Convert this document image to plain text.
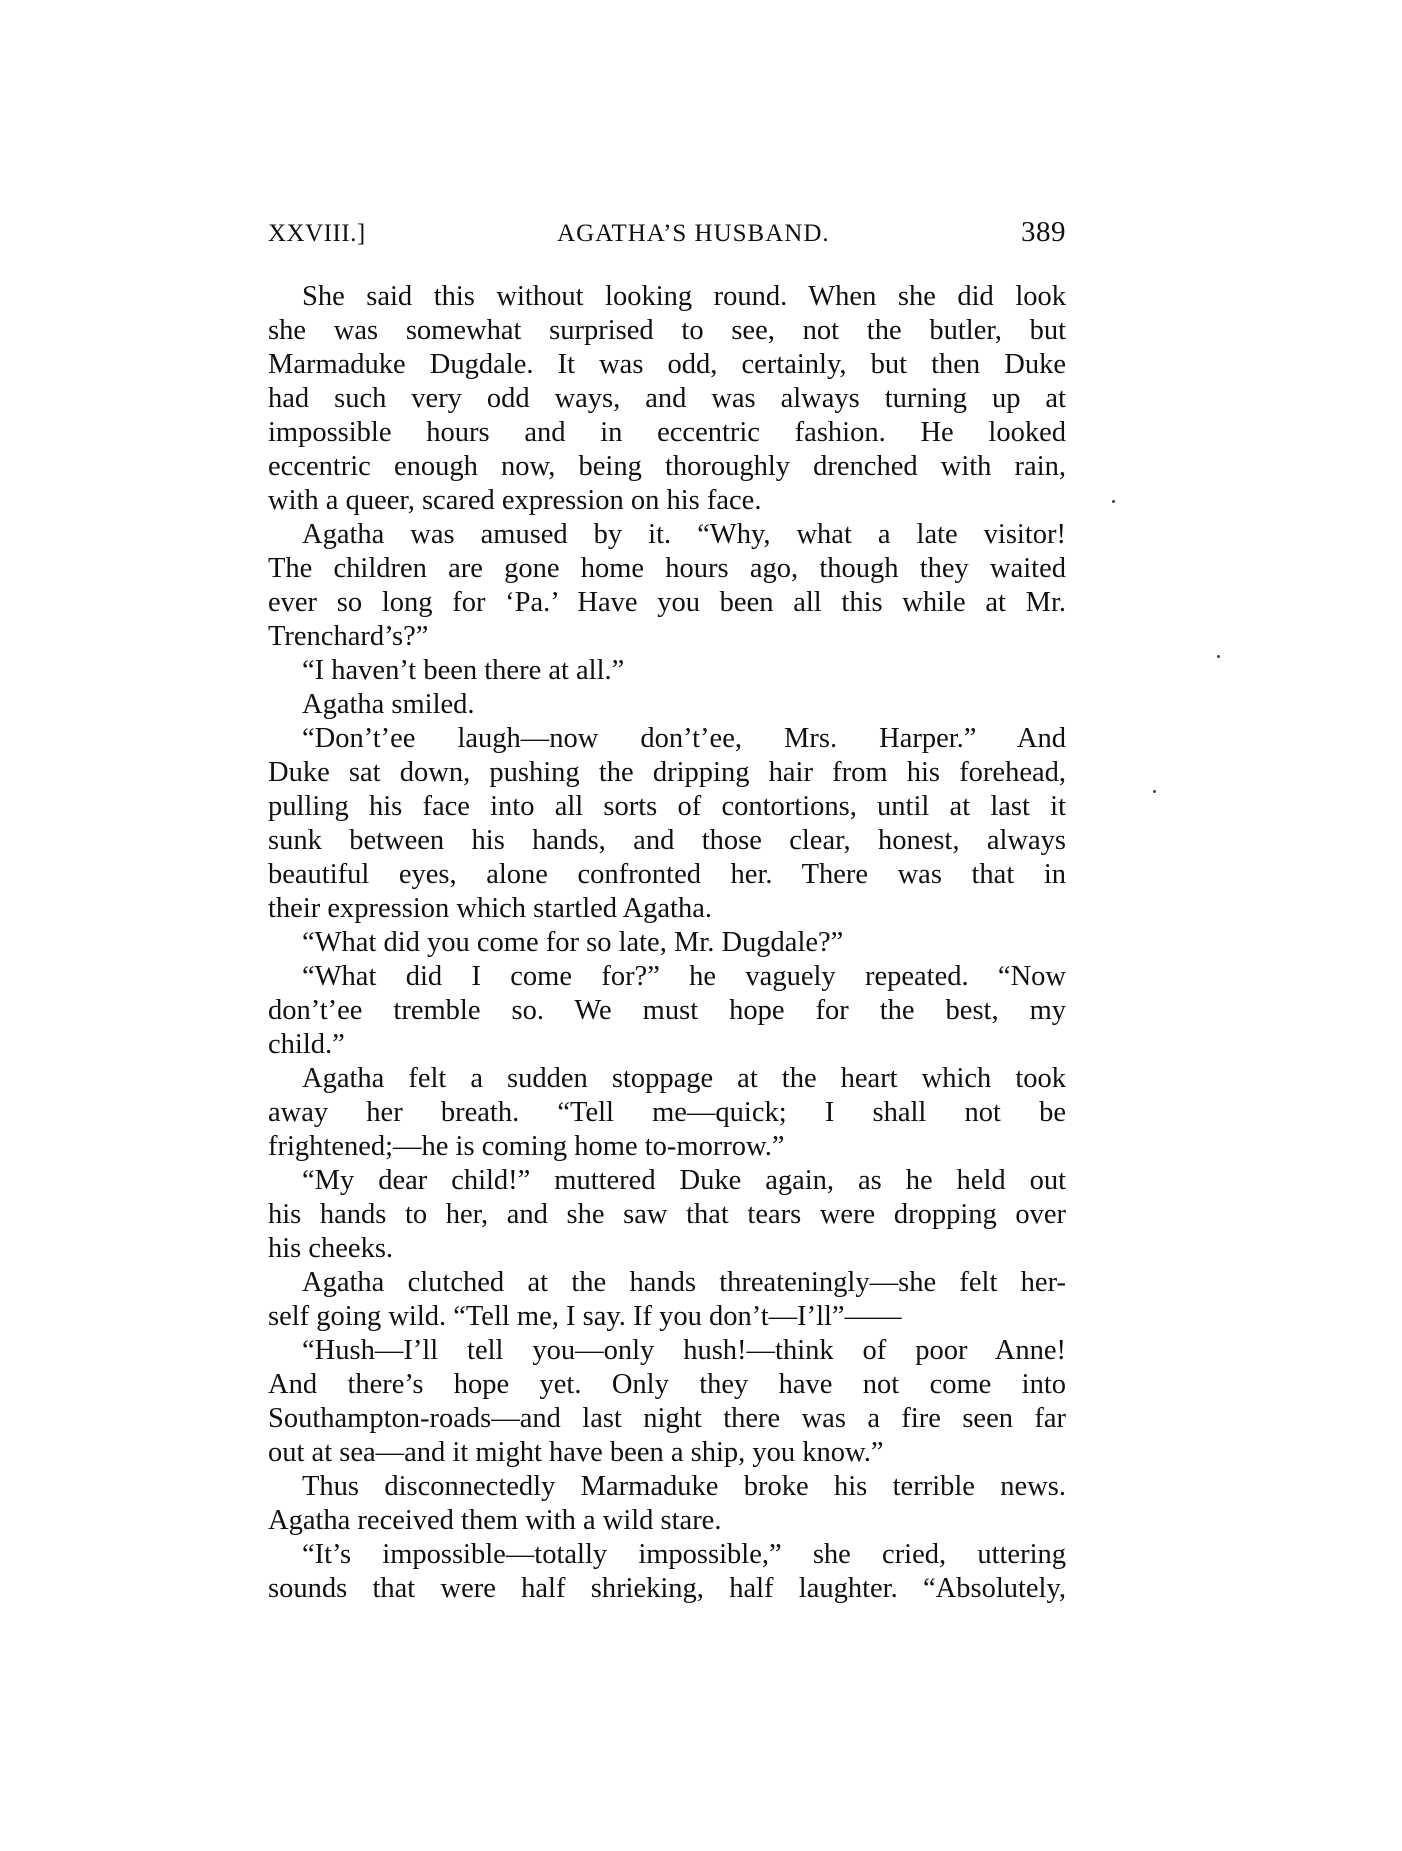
XXVIII.]	AGATHA’S HUSBAND.	389
She said this without looking round. When she did look
she was somewhat surprised to see, not the butler, but
Marmaduke Dugdale. It was odd, certainly, but then Duke
had such very odd ways, and was always turning up at
impossible hours and in eccentric fashion. He looked
eccentric enough now, being thoroughly drenched with rain,
with a queer, scared expression on his face.
Agatha was amused by it. “Why, what a late visitor!
The children are gone home hours ago, though they waited
ever so long for ‘Pa.’ Have you been all this while at Mr.
Trenchard’s?”
“I haven’t been there at all.”
Agatha smiled.
“Don’t’ee laugh—now don’t’ee, Mrs. Harper.” And
Duke sat down, pushing the dripping hair from his forehead,
pulling his face into all sorts of contortions, until at last it
sunk between his hands, and those clear, honest, always
beautiful eyes, alone confronted her. There was that in
their expression which startled Agatha.
“What did you come for so late, Mr. Dugdale?”
“What did I come for?” he vaguely repeated. “Now
don’t’ee tremble so. We must hope for the best, my
child.”
Agatha felt a sudden stoppage at the heart which took
away her breath. “Tell me—quick; I shall not be
frightened;—he is coming home to-morrow.”
“My dear child!” muttered Duke again, as he held out
his hands to her, and she saw that tears were dropping over
his cheeks.
Agatha clutched at the hands threateningly—she felt her-
self going wild. “Tell me, I say. If you don’t—I’ll”——
“Hush—I’ll tell you—only hush!—think of poor Anne!
And there’s hope yet. Only they have not come into
Southampton-roads—and last night there was a fire seen far
out at sea—and it might have been a ship, you know.”
Thus disconnectedly Marmaduke broke his terrible news.
Agatha received them with a wild stare.
“It’s impossible—totally impossible,” she cried, uttering
sounds that were half shrieking, half laughter. “Absolutely,
